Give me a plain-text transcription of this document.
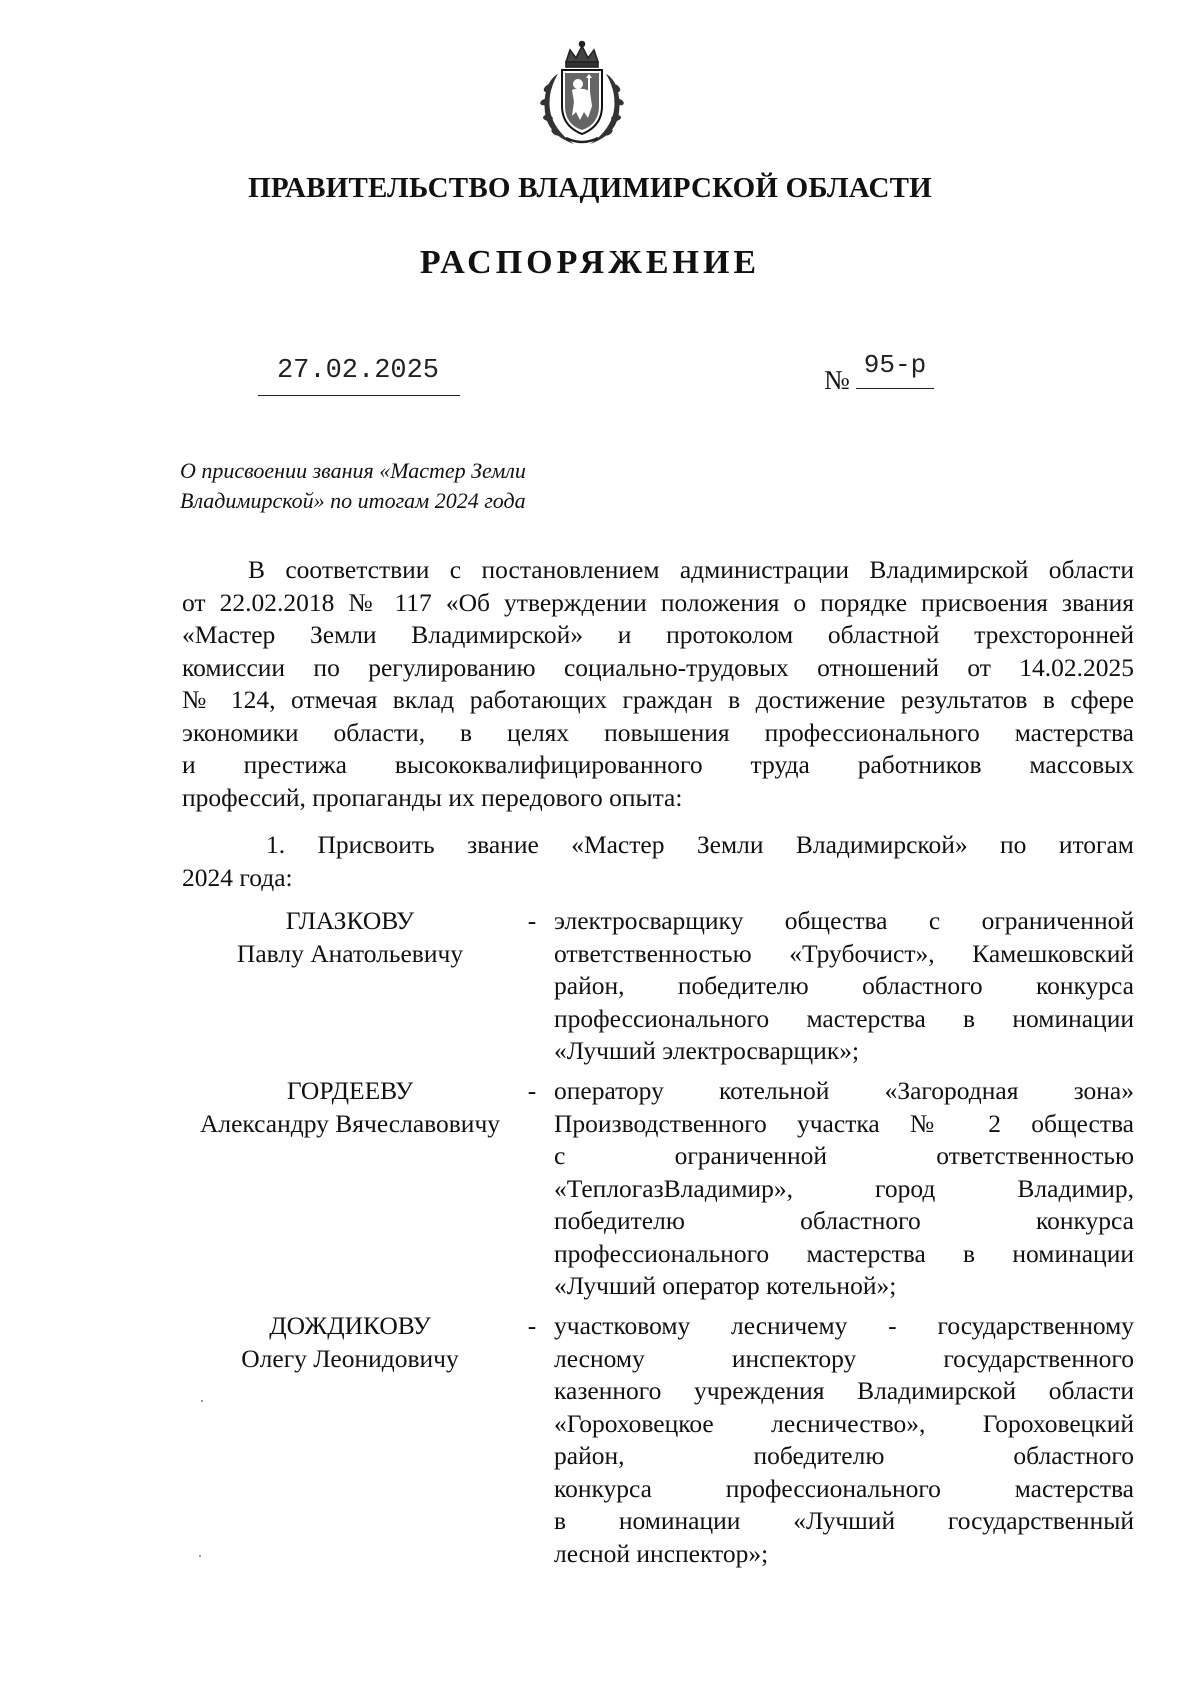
ПРАВИТЕЛЬСТВО ВЛАДИМИРСКОЙ ОБЛАСТИ
РАСПОРЯЖЕНИЕ
27.02.2025	№ 95-р
О присвоении звания «Мастер Земли
Владимирской» по итогам 2024 года
В соответствии с постановлением администрации Владимирской области
от 22.02.2018 № 117 «Об утверждении положения о порядке присвоения звания
«Мастер Земли Владимирской» и протоколом областной трехсторонней
комиссии по регулированию социально-трудовых отношений от 14.02.2025
№ 124, отмечая вклад работающих граждан в достижение результатов в сфере
экономики области, в целях повышения профессионального мастерства
и престижа высококвалифицированного труда работников массовых
профессий, пропаганды их передового опыта:
1. Присвоить звание «Мастер Земли Владимирской» по итогам
2024 года:
ГЛАЗКОВУ
Павлу Анатольевичу
- электросварщику общества с ограниченной
ответственностью «Трубочист», Камешковский
район, победителю областного конкурса
профессионального мастерства в номинации
«Лучший электросварщик»;
ГОРДЕЕВУ
Александру Вячеславовичу
- оператору котельной «Загородная зона»
Производственного участка № 2 общества
с ограниченной ответственностью
«ТеплогазВладимир», город Владимир,
победителю областного конкурса
профессионального мастерства в номинации
«Лучший оператор котельной»;
ДОЖДИКОВУ
Олегу Леонидовичу
- участковому лесничему - государственному
лесному инспектору государственного
казенного учреждения Владимирской области
«Гороховецкое лесничество», Гороховецкий
район, победителю областного
конкурса профессионального мастерства
в номинации «Лучший государственный
лесной инспектор»;
